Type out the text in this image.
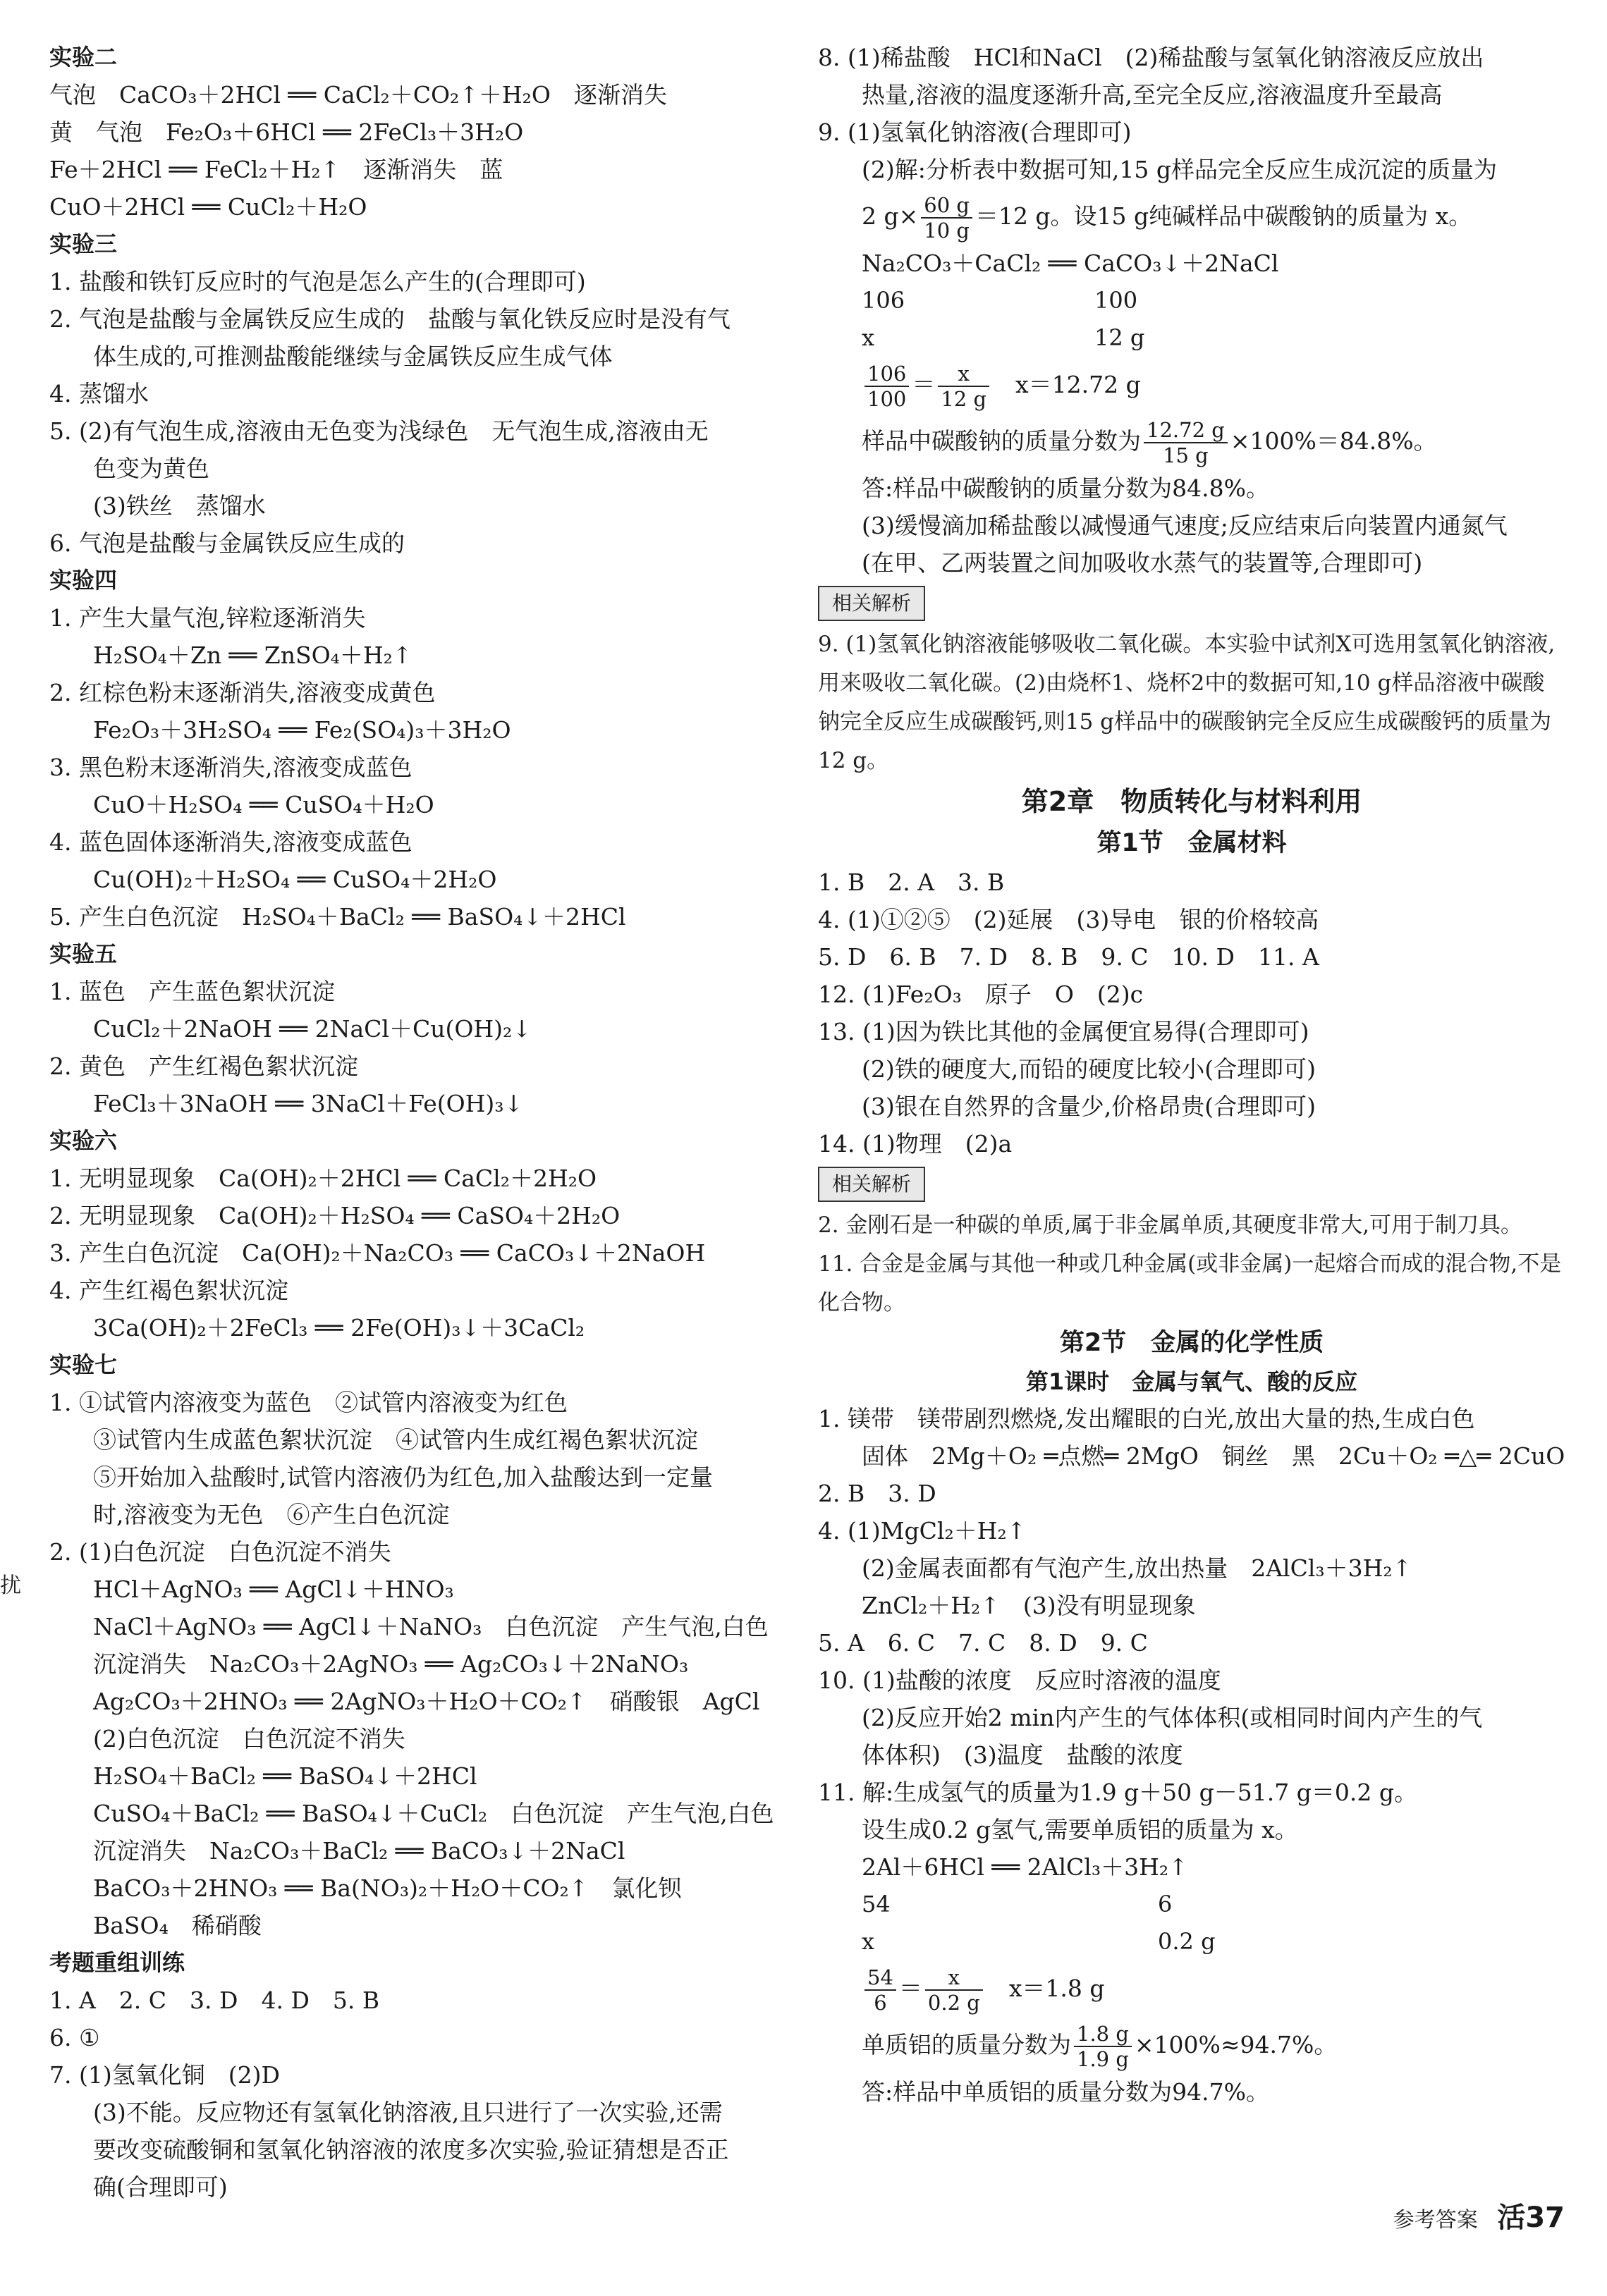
实验二
气泡　CaCO₃＋2HCl ══ CaCl₂＋CO₂↑＋H₂O　逐渐消失
黄　气泡　Fe₂O₃＋6HCl ══ 2FeCl₃＋3H₂O
Fe＋2HCl ══ FeCl₂＋H₂↑　逐渐消失　蓝
CuO＋2HCl ══ CuCl₂＋H₂O
实验三
1. 盐酸和铁钉反应时的气泡是怎么产生的(合理即可)
2. 气泡是盐酸与金属铁反应生成的　盐酸与氧化铁反应时是没有气
体生成的,可推测盐酸能继续与金属铁反应生成气体
4. 蒸馏水
5. (2)有气泡生成,溶液由无色变为浅绿色　无气泡生成,溶液由无
色变为黄色
(3)铁丝　蒸馏水
6. 气泡是盐酸与金属铁反应生成的
实验四
1. 产生大量气泡,锌粒逐渐消失
H₂SO₄＋Zn ══ ZnSO₄＋H₂↑
2. 红棕色粉末逐渐消失,溶液变成黄色
Fe₂O₃＋3H₂SO₄ ══ Fe₂(SO₄)₃＋3H₂O
3. 黑色粉末逐渐消失,溶液变成蓝色
CuO＋H₂SO₄ ══ CuSO₄＋H₂O
4. 蓝色固体逐渐消失,溶液变成蓝色
Cu(OH)₂＋H₂SO₄ ══ CuSO₄＋2H₂O
5. 产生白色沉淀　H₂SO₄＋BaCl₂ ══ BaSO₄↓＋2HCl
实验五
1. 蓝色　产生蓝色絮状沉淀
CuCl₂＋2NaOH ══ 2NaCl＋Cu(OH)₂↓
2. 黄色　产生红褐色絮状沉淀
FeCl₃＋3NaOH ══ 3NaCl＋Fe(OH)₃↓
实验六
1. 无明显现象　Ca(OH)₂＋2HCl ══ CaCl₂＋2H₂O
2. 无明显现象　Ca(OH)₂＋H₂SO₄ ══ CaSO₄＋2H₂O
3. 产生白色沉淀　Ca(OH)₂＋Na₂CO₃ ══ CaCO₃↓＋2NaOH
4. 产生红褐色絮状沉淀
3Ca(OH)₂＋2FeCl₃ ══ 2Fe(OH)₃↓＋3CaCl₂
实验七
1. ①试管内溶液变为蓝色　②试管内溶液变为红色
③试管内生成蓝色絮状沉淀　④试管内生成红褐色絮状沉淀
⑤开始加入盐酸时,试管内溶液仍为红色,加入盐酸达到一定量
时,溶液变为无色　⑥产生白色沉淀
2. (1)白色沉淀　白色沉淀不消失
HCl＋AgNO₃ ══ AgCl↓＋HNO₃
NaCl＋AgNO₃ ══ AgCl↓＋NaNO₃　白色沉淀　产生气泡,白色
沉淀消失　Na₂CO₃＋2AgNO₃ ══ Ag₂CO₃↓＋2NaNO₃
Ag₂CO₃＋2HNO₃ ══ 2AgNO₃＋H₂O＋CO₂↑　硝酸银　AgCl
(2)白色沉淀　白色沉淀不消失
H₂SO₄＋BaCl₂ ══ BaSO₄↓＋2HCl
CuSO₄＋BaCl₂ ══ BaSO₄↓＋CuCl₂　白色沉淀　产生气泡,白色
沉淀消失　Na₂CO₃＋BaCl₂ ══ BaCO₃↓＋2NaCl
BaCO₃＋2HNO₃ ══ Ba(NO₃)₂＋H₂O＋CO₂↑　氯化钡
BaSO₄　稀硝酸
考题重组训练
1. A　2. C　3. D　4. D　5. B
6. ①
7. (1)氢氧化铜　(2)D
(3)不能。反应物还有氢氧化钠溶液,且只进行了一次实验,还需
要改变硫酸铜和氢氧化钠溶液的浓度多次实验,验证猜想是否正
确(合理即可)
扰
8. (1)稀盐酸　HCl和NaCl　(2)稀盐酸与氢氧化钠溶液反应放出
热量,溶液的温度逐渐升高,至完全反应,溶液温度升至最高
9. (1)氢氧化钠溶液(合理即可)
(2)解:分析表中数据可知,15 g样品完全反应生成沉淀的质量为
2 $g\times \frac{60 g}{10 g} =12$ g。设15 g纯碱样品中碳酸钠的质量为 x。
Na₂CO₃＋CaCl₂ ══ CaCO₃↓＋2NaCl
106	100
x	12 g
$\frac{106}{100} = \frac{x}{12 g}$
　 x＝12.72 g
样品中碳酸钠的质量分数为 $\frac{12.72 g}{15 g} \times 100\%=84.8\%$。
答:样品中碳酸钠的质量分数为84.8%。
(3)缓慢滴加稀盐酸以减慢通气速度;反应结束后向装置内通氮气
(在甲、乙两装置之间加吸收水蒸气的装置等,合理即可)
相关解析
9. (1)氢氧化钠溶液能够吸收二氧化碳。本实验中试剂X可选用氢氧化钠溶液,用来吸收二氧化碳。(2)由烧杯1、烧杯2中的数据可知,10 g样品溶液中碳酸钠完全反应生成碳酸钙,则15 g样品中的碳酸钠完全反应生成碳酸钙的质量为12 g。
第2章　物质转化与材料利用
第1节　金属材料
1. B　2. A　3. B
4. (1)①②⑤　(2)延展　(3)导电　银的价格较高
5. D　6. B　7. D　8. B　9. C　10. D　11. A
12. (1)Fe₂O₃　原子　O　(2)c
13. (1)因为铁比其他的金属便宜易得(合理即可)
(2)铁的硬度大,而铅的硬度比较小(合理即可)
(3)银在自然界的含量少,价格昂贵(合理即可)
14. (1)物理　(2)a
相关解析
2. 金刚石是一种碳的单质,属于非金属单质,其硬度非常大,可用于制刀具。
11. 合金是金属与其他一种或几种金属(或非金属)一起熔合而成的混合物,不是化合物。
第2节　金属的化学性质
第1课时　金属与氧气、酸的反应
1. 镁带　镁带剧烈燃烧,发出耀眼的白光,放出大量的热,生成白色
固体　2Mg＋O₂ ═点燃═ 2MgO　铜丝　黑　2Cu＋O₂ ═△═ 2CuO
2. B　3. D
4. (1)MgCl₂＋H₂↑
(2)金属表面都有气泡产生,放出热量　2AlCl₃＋3H₂↑
ZnCl₂＋H₂↑　(3)没有明显现象
5. A　6. C　7. C　8. D　9. C
10. (1)盐酸的浓度　反应时溶液的温度
(2)反应开始2 min内产生的气体体积(或相同时间内产生的气
体体积)　(3)温度　盐酸的浓度
11. 解:生成氢气的质量为1.9 g＋50 g－51.7 g＝0.2 g。
设生成0.2 g氢气,需要单质铝的质量为 x。
2Al＋6HCl ══ 2AlCl₃＋3H₂↑
54	6
x	0.2 g
$\frac{54}{6} = \frac{x}{0.2 g}$
　 x＝1.8 g
单质铝的质量分数为 $\frac{1.8 g}{1.9 g} \times 100\%\approx 94.7\%$。
答:样品中单质铝的质量分数为94.7%。
参考答案 活37
